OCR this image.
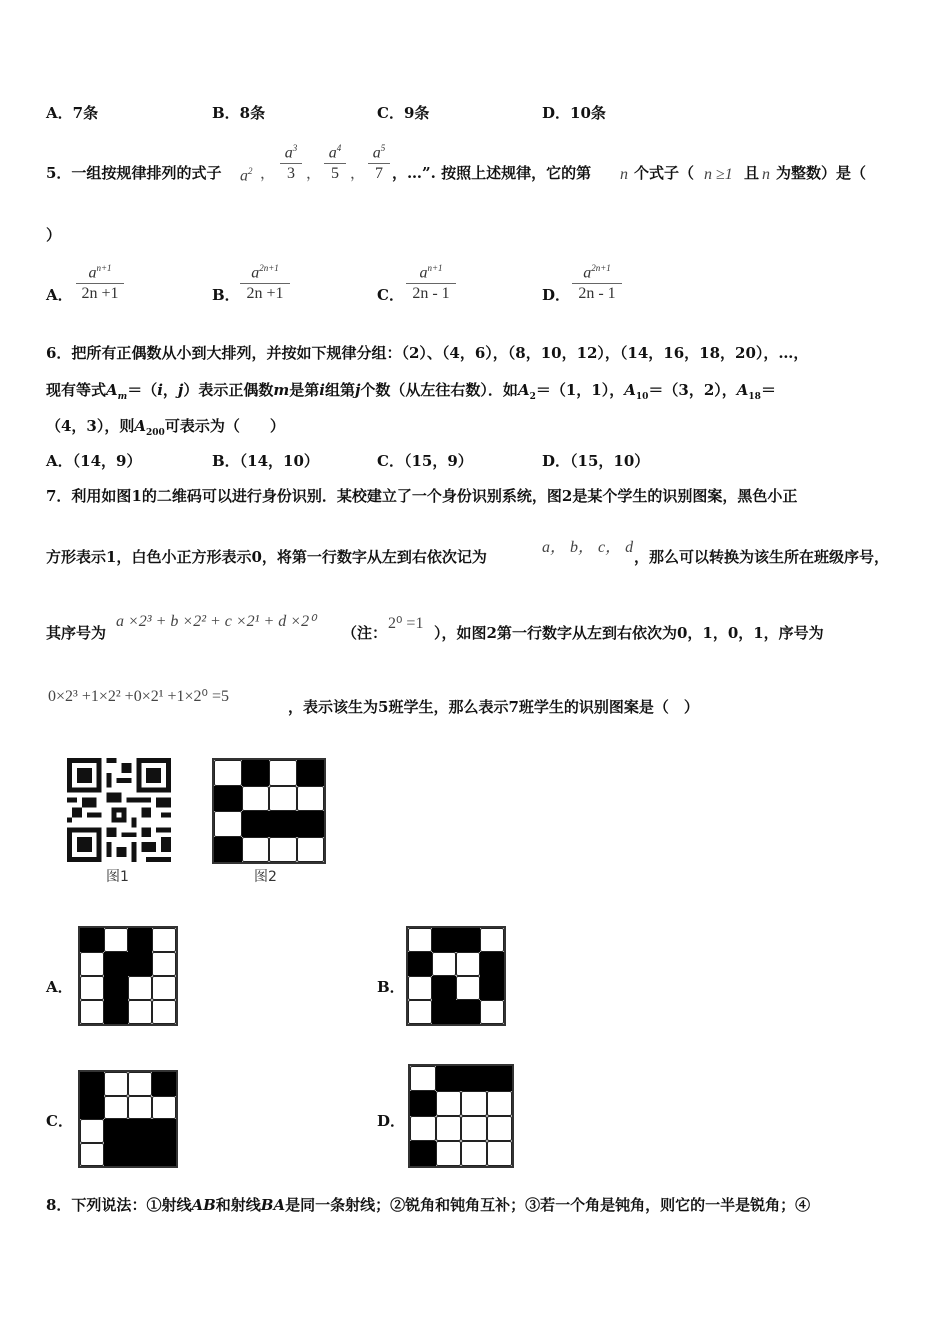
A．7条	B．8条	C．9条	D．10条
5．一组按规律排列的式子 $a^2$ ，
$a^3$
3 ，
$a^4$
5 ，
$a^5$
7 ，…”. 按照上述规律，它的第 n 个式子（ n ≥1 且 n 为整数）是（
）
A．
$a^{n+1}$
2n +1	B．
$a^{2n+1}$
2n +1	C．
$a^{n+1}$
2n - 1	D．
$a^{2n+1}$
2n - 1
6．把所有正偶数从小到大排列，并按如下规律分组：（2）、（4，6），（8，10，12），（14，16，18，20），…，
现有等式$A_m=(i$，j）表示正偶数m是第i组第j个数（从左往右数）．如$A_2=(1$，1），$A_{10}=(3$，2），$A_{18}=$
（4，3），则$A_{200}$可表示为（　　）
A．（14，9）	B．（14，10）	C．（15，9）	D．（15，10）
7．利用如图1的二维码可以进行身份识别．某校建立了一个身份识别系统，图2是某个学生的识别图案，黑色小正
方形表示1，白色小正方形表示0，将第一行数字从左到右依次记为
a， b， c， d
，那么可以转换为该生所在班级序号，
其序号为
a ×2³ + b ×2² + c ×2¹ + d ×2⁰
（注：
2⁰ =1
），如图2第一行数字从左到右依次为0，1，0，1，序号为
0×2³ +1×2² +0×2¹ +1×2⁰ =5
，表示该生为5班学生，那么表示7班学生的识别图案是（　）
图1	图2
A．	B．
C．	D．
8．下列说法：①射线AB和射线BA是同一条射线；②锐角和钝角互补；③若一个角是钝角，则它的一半是锐角；④
